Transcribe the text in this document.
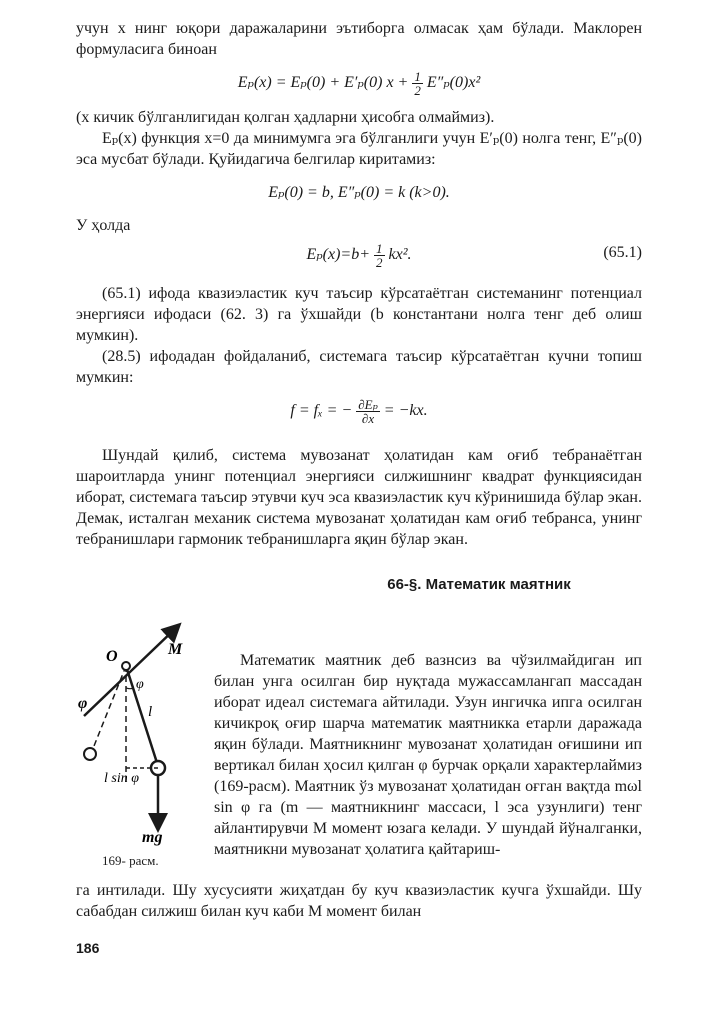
учун x нинг юқори даражаларини эътиборга олмасак ҳам бўлади. Маклорен формуласига биноан

Eₚ(x) = Eₚ(0) + E′ₚ(0) $x + \frac{1}{2} E''_p(0)x^2$

(x кичик бўлганлигидан қолган ҳадларни ҳисобга олмаймиз).

Eₚ(x) функция x=0 да минимумга эга бўлганлиги учун E′ₚ(0) нолга тенг, E″ₚ(0) эса мусбат бўлади. Қуйидагича белгилар киритамиз:

Eₚ(0) = b, E″ₚ(0) = k (k>0).

У ҳолда

$E_p(x)=b+ \frac{1}{2} kx^2$.	(65.1)

(65.1) ифода квазиэластик куч таъсир кўрсатаётган системанинг потенциал энергияси ифодаси (62. 3) га ўхшайди (b константани нолга тенг деб олиш мумкин).

(28.5) ифодадан фойдаланиб, системага таъсир кўрсатаётган кучни топиш мумкин:

f = fₓ = − $\frac{\text{∂Eₚ}}{\partial x} = -kx$.

Шундай қилиб, система мувозанат ҳолатидан кам оғиб тебранаётган шароитларда унинг потенциал энергияси силжишнинг квадрат функциясидан иборат, системага таъсир этувчи куч эса квазиэластик куч кўринишида бўлар экан. Демак, исталган механик система мувозанат ҳолатидан кам оғиб тебранса, унинг тебранишлари гармоник тебранишларга яқин бўлар экан.

66-§. Математик маятник
O	M
φ
φ
l
l sin φ
mg
169- расм.

Математик маятник деб вазнсиз ва чўзилмайдиган ип билан унга осилган бир нуқтада мужассамлангап массадан иборат идеал системага айтилади. Узун ингичка ипга осилган кичикроқ оғир шарча математик маятникка етарли даражада яқин бўлади. Маятникнинг мувозанат ҳолатидан оғишини ип вертикал билан ҳосил қилган φ бурчак орқали характерлаймиз (169-расм). Маятник ўз мувозанат ҳолатидан оғган вақтда mωl sin φ га (m — маятникнинг массаси, l эса узунлиги) тенг айлантирувчи M момент юзага келади. У шундай йўналганки, маятникни мувозанат ҳолатига қайтариш-

га интилади. Шу хусусияти жиҳатдан бу куч квазиэластик кучга ўхшайди. Шу сабабдан силжиш билан куч каби M момент билан

186
